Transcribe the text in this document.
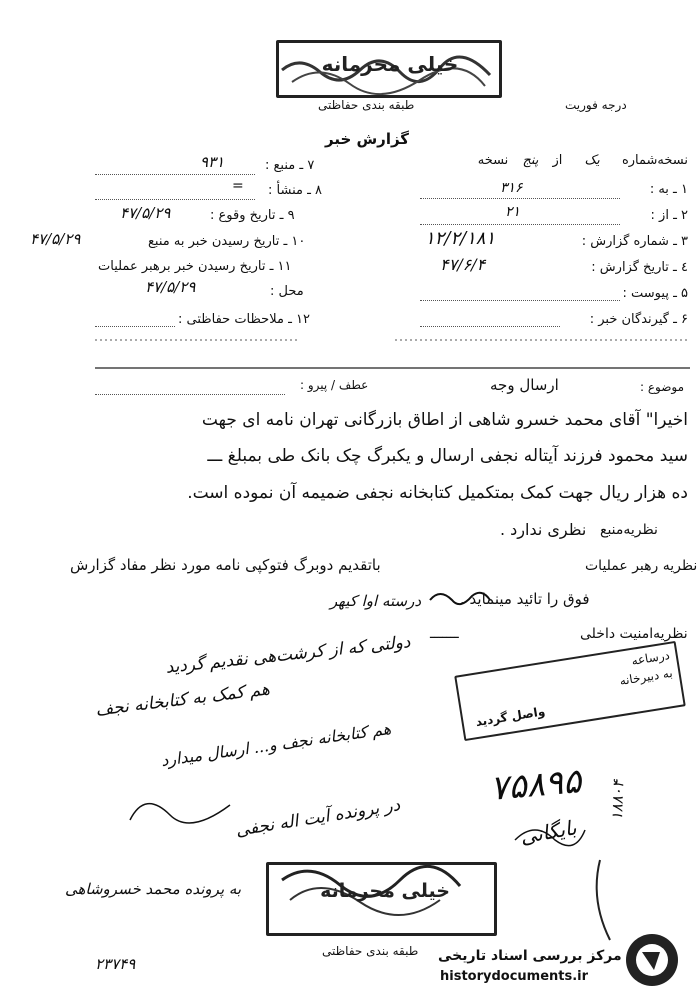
خیلی محرمانه
طبقه بندی حفاظتی	درجه فوریت
گزارش خبر
نسخه‌شماره یک از پنج نسخه
۱ ـ به :
۳۱۶
۲ ـ از :
۲۱
۳ ـ شماره گزارش :
۱۲/۲/۱۸۱
٤ ـ تاریخ گزارش :
۴۷/۶/۴
۵ ـ پیوست :
۶ ـ گیرندگان خبر :
۷ ـ منبع :
۹۳۱
۸ ـ منشأ :
=
۹ ـ تاریخ وقوع :
۴۷/۵/۲۹
۱۰ ـ تاریخ رسیدن خبر به منبع
۴۷/۵/۲۹
۱۱ ـ تاریخ رسیدن خبر برهبر عملیات
محل :
۴۷/۵/۲۹
۱۲ ـ ملاحظات حفاظتی :
موضوع :
ارسال وجه
عطف / پیرو :
اخیرا" آقای محمد خسرو شاهی از اطاق بازرگانی تهران نامه ای جهت
سید محمود فرزند آیتاله نجفی ارسال و یکبرگ چک بانک طی بمبلغ ـــ
ده هزار ریال جهت کمک بمتکمیل کتابخانه نجفی ضمیمه آن نموده است.
نظریه‌منبع
نظری ندارد .
نظریه رهبر عملیات
باتقدیم دوبرگ فتوکپی نامه مورد نظر مفاد گزارش
فوق را تائید مینماید .
درسته اوا کیهر
نظریه‌امنیت داخلی
ـــــــ
دولتی که از کرشت‌هی نقدیم گردید
هم کمک به کتابخانه نجف
هم کتابخانه نجف و... ارسال میدارد
درساعه
به دبیرخانه
واصل گردید
۷۵۸۹۵
بایگانی
۱۸۸۰۴
در پرونده آیت اله نجفی
به پرونده محمد خسروشاهی
۲۳۷۴۹
خیلی محرمانه
طبقه بندی حفاظتی مرکز بررسی اسناد تاریخی
historydocuments.ir
